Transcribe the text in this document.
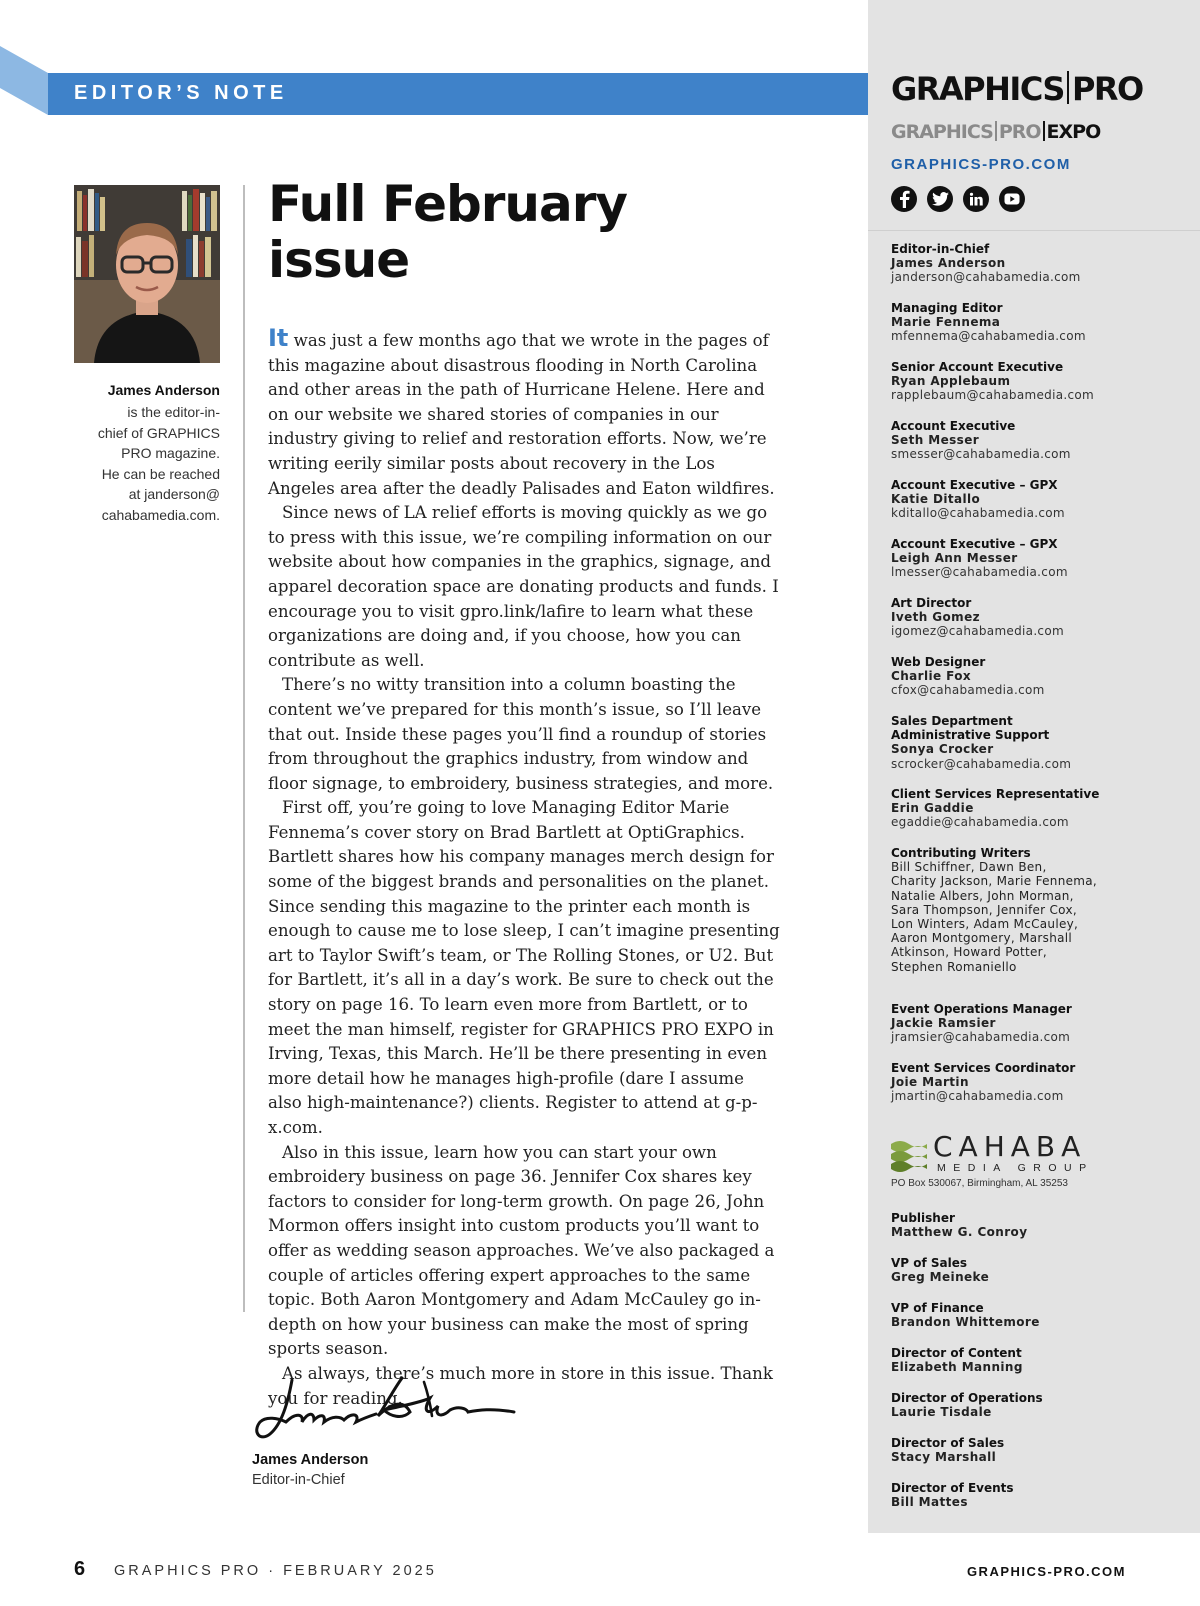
GRAPHICS PRO
GRAPHICS PRO EXPO
GRAPHICS-PRO.COM
Editor-in-Chief
James Anderson
janderson@cahabamedia.com
Managing Editor
Marie Fennema
mfennema@cahabamedia.com
Senior Account Executive
Ryan Applebaum
rapplebaum@cahabamedia.com
Account Executive
Seth Messer
smesser@cahabamedia.com
Account Executive – GPX
Katie Ditallo
kditallo@cahabamedia.com
Account Executive – GPX
Leigh Ann Messer
lmesser@cahabamedia.com
Art Director
Iveth Gomez
igomez@cahabamedia.com
Web Designer
Charlie Fox
cfox@cahabamedia.com
Sales Department
Administrative Support
Sonya Crocker
scrocker@cahabamedia.com
Client Services Representative
Erin Gaddie
egaddie@cahabamedia.com
Contributing Writers
Bill Schiffner, Dawn Ben,
Charity Jackson, Marie Fennema,
Natalie Albers, John Morman,
Sara Thompson, Jennifer Cox,
Lon Winters, Adam McCauley,
Aaron Montgomery, Marshall
Atkinson, Howard Potter,
Stephen Romaniello
Event Operations Manager
Jackie Ramsier
jramsier@cahabamedia.com
Event Services Coordinator
Joie Martin
jmartin@cahabamedia.com
CAHABA
MEDIA GROUP
PO Box 530067, Birmingham, AL 35253
Publisher
Matthew G. Conroy
VP of Sales
Greg Meineke
VP of Finance
Brandon Whittemore
Director of Content
Elizabeth Manning
Director of Operations
Laurie Tisdale
Director of Sales
Stacy Marshall
Director of Events
Bill Mattes
EDITOR’S NOTE
James Anderson
is the editor-in-
chief of GRAPHICS
PRO magazine.
He can be reached
at janderson@
cahabamedia.com.
Full February
issue

It was just a few months ago that we wrote in the pages of this magazine about disastrous flooding in North Carolina and other areas in the path of Hurricane Helene. Here and on our website we shared stories of companies in our industry giving to relief and restoration efforts. Now, we’re writing eerily similar posts about recovery in the Los Angeles area after the deadly Palisades and Eaton wildfires.

Since news of LA relief efforts is moving quickly as we go to press with this issue, we’re compiling information on our website about how companies in the graphics, signage, and apparel decoration space are donating products and funds. I encourage you to visit gpro.link/lafire to learn what these organizations are doing and, if you choose, how you can contribute as well.

There’s no witty transition into a column boasting the content we’ve prepared for this month’s issue, so I’ll leave that out. Inside these pages you’ll find a roundup of stories from throughout the graphics industry, from window and floor signage, to embroidery, business strategies, and more.

First off, you’re going to love Managing Editor Marie Fennema’s cover story on Brad Bartlett at OptiGraphics. Bartlett shares how his company manages merch design for some of the biggest brands and personalities on the planet. Since sending this magazine to the printer each month is enough to cause me to lose sleep, I can’t imagine presenting art to Taylor Swift’s team, or The Rolling Stones, or U2. But for Bartlett, it’s all in a day’s work. Be sure to check out the story on page 16. To learn even more from Bartlett, or to meet the man himself, register for GRAPHICS PRO EXPO in Irving, Texas, this March. He’ll be there presenting in even more detail how he manages high-profile (dare I assume also high-maintenance?) clients. Register to attend at g-p-x.com.

Also in this issue, learn how you can start your own embroidery business on page 36. Jennifer Cox shares key factors to consider for long-term growth. On page 26, John Mormon offers insight into custom products you’ll want to offer as wedding season approaches. We’ve also packaged a couple of articles offering expert approaches to the same topic. Both Aaron Montgomery and Adam McCauley go in-depth on how your business can make the most of spring sports season.

As always, there’s much more in store in this issue. Thank you for reading.

James Anderson
Editor-in-Chief
6 GRAPHICS PRO · FEBRUARY 2025	GRAPHICS-PRO.COM
